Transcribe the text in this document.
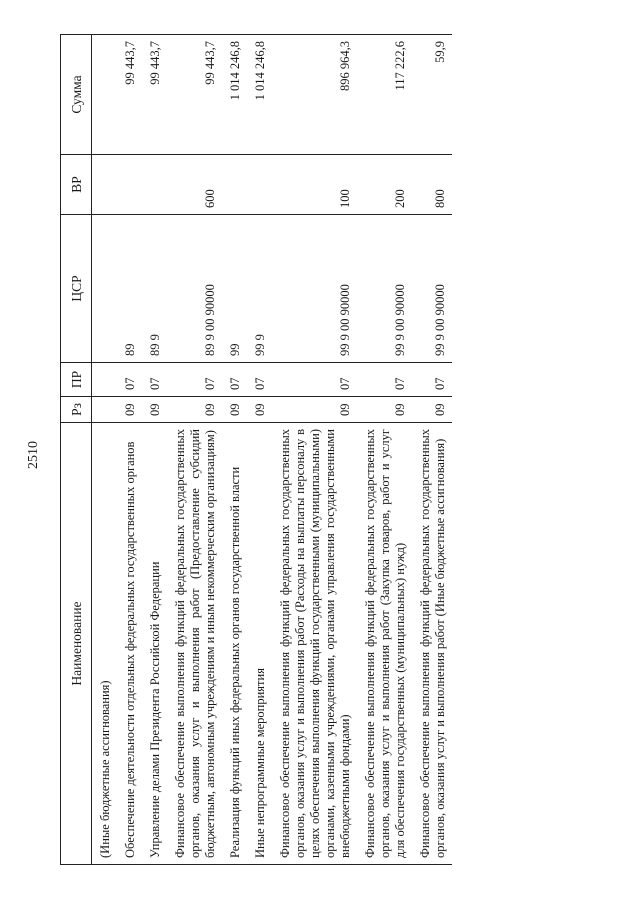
2510
Наименование	Рз	ПР	ЦСР	ВР	Сумма
(Иные бюджетные ассигнования)					
Обеспечение деятельности отдельных федеральных государственных органов	09	07	89		99 443,7
Управление делами Президента Российской Федерации	09	07	89 9		99 443,7
Финансовое обеспечение выполнения функций федеральных государственных органов, оказания услуг и выполнения работ (Предоставление субсидий бюджетным, автономным учреждениям и иным некоммерческим организациям)	09	07	89 9 00 90000	600	99 443,7
Реализация функций иных федеральных органов государственной власти	09	07	99		1 014 246,8
Иные непрограммные мероприятия	09	07	99 9		1 014 246,8
Финансовое обеспечение выполнения функций федеральных государственных органов, оказания услуг и выполнения работ (Расходы на выплаты персоналу в целях обеспечения выполнения функций государственными (муниципальными) органами, казенными учреждениями, органами управления государственными внебюджетными фондами)	09	07	99 9 00 90000	100	896 964,3
Финансовое обеспечение выполнения функций федеральных государственных органов, оказания услуг и выполнения работ (Закупка товаров, работ и услуг для обеспечения государственных (муниципальных) нужд)	09	07	99 9 00 90000	200	117 222,6
Финансовое обеспечение выполнения функций федеральных государственных органов, оказания услуг и выполнения работ (Иные бюджетные ассигнования)	09	07	99 9 00 90000	800	59,9
